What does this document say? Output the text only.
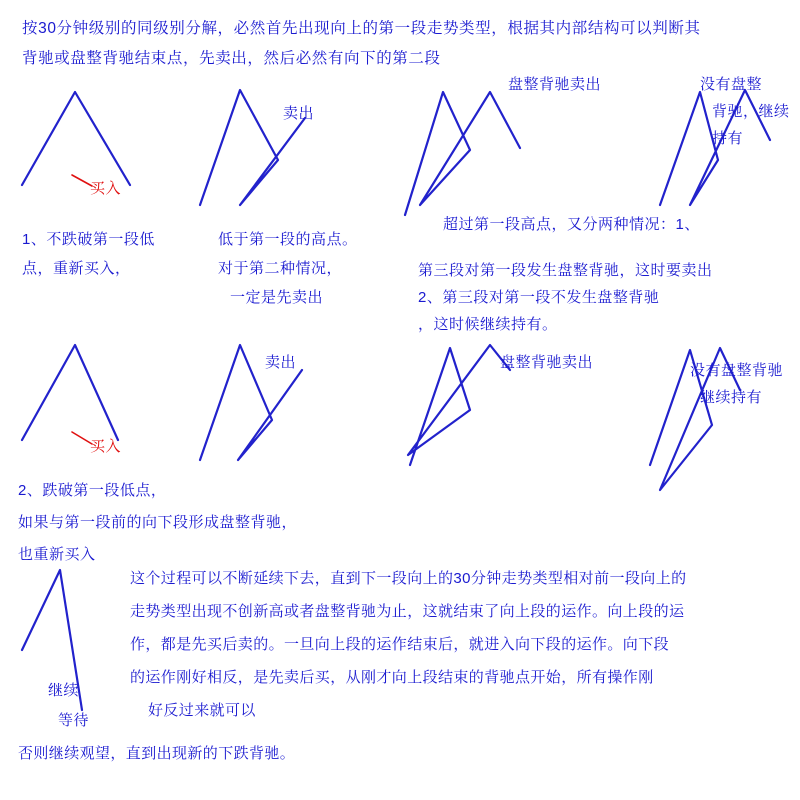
按30分钟级别的同级别分解，必然首先出现向上的第一段走势类型，根据其内部结构可以判断其
背驰或盘整背驰结束点，先卖出，然后必然有向下的第二段
卖出
买入
盘整背驰卖出	没有盘整
背驰，继续
持有
1、不跌破第一段低
点，重新买入，
低于第一段的高点。
对于第二种情况，
一定是先卖出
超过第一段高点，又分两种情况：1、
第三段对第一段发生盘整背驰，这时要卖出
2、第三段对第一段不发生盘整背驰
，这时候继续持有。
卖出
买入
盘整背驰卖出	没有盘整背驰
继续持有
2、跌破第一段低点，
如果与第一段前的向下段形成盘整背驰，
也重新买入
继续
等待
这个过程可以不断延续下去，直到下一段向上的30分钟走势类型相对前一段向上的
走势类型出现不创新高或者盘整背驰为止，这就结束了向上段的运作。向上段的运
作，都是先买后卖的。一旦向上段的运作结束后，就进入向下段的运作。向下段
的运作刚好相反，是先卖后买，从刚才向上段结束的背驰点开始，所有操作刚
好反过来就可以
否则继续观望，直到出现新的下跌背驰。
